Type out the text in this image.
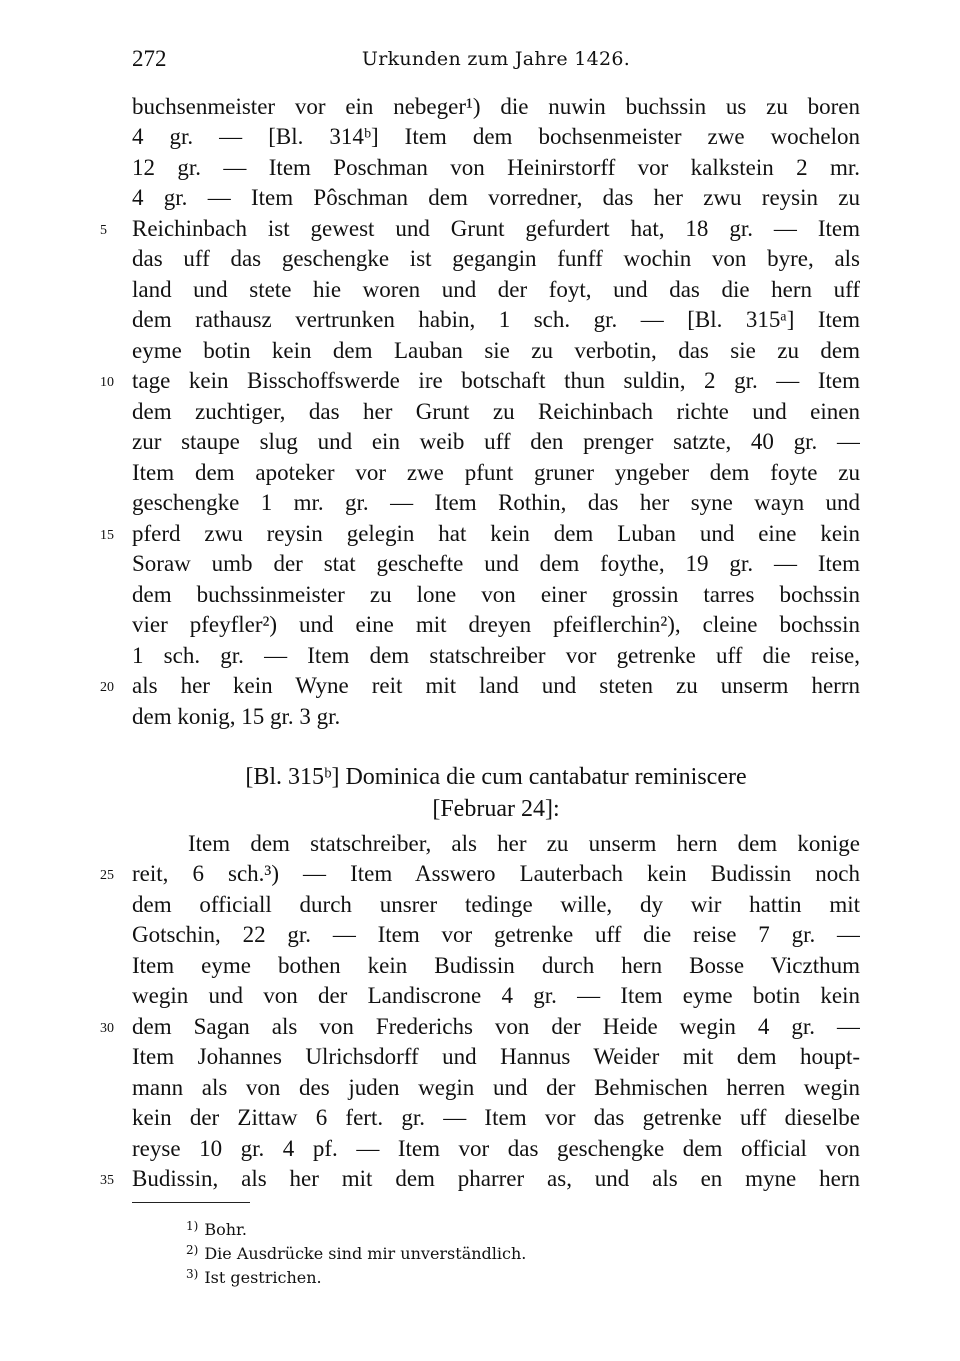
272	Urkunden zum Jahre 1426.
buchsenmeister vor ein nebeger¹) die nuwin buchssin us zu boren
4 gr. — [Bl. 314ᵇ] Item dem bochsenmeister zwe wochelon
12 gr. — Item Poschman von Heinirstorff vor kalkstein 2 mr.
4 gr. — Item Pôschman dem vorredner, das her zwu reysin zu
Reichinbach ist gewest und Grunt gefurdert hat, 18 gr. — Item
das uff das geschengke ist gegangin funff wochin von byre, als
land und stete hie woren und der foyt, und das die hern uff
dem rathausz vertrunken habin, 1 sch. gr. — [Bl. 315ᵃ] Item
eyme botin kein dem Lauban sie zu verbotin, das sie zu dem
tage kein Bisschoffswerde ire botschaft thun suldin, 2 gr. — Item
dem zuchtiger, das her Grunt zu Reichinbach richte und einen
zur staupe slug und ein weib uff den prenger satzte, 40 gr. —
Item dem apoteker vor zwe pfunt gruner yngeber dem foyte zu
geschengke 1 mr. gr. — Item Rothin, das her syne wayn und
pferd zwu reysin gelegin hat kein dem Luban und eine kein
Soraw umb der stat geschefte und dem foythe, 19 gr. — Item
dem buchssinmeister zu lone von einer grossin tarres bochssin
vier pfeyfler²) und eine mit dreyen pfeiflerchin²), cleine bochssin
1 sch. gr. — Item dem statschreiber vor getrenke uff die reise,
als her kein Wyne reit mit land und steten zu unserm herrn
dem konig, 15 gr. 3 gr.
[Bl. 315ᵇ] Dominica die cum cantabatur reminiscere
[Februar 24]:
Item dem statschreiber, als her zu unserm hern dem konige
reit, 6 sch.³) — Item Asswero Lauterbach kein Budissin noch
dem officiall durch unsrer tedinge wille, dy wir hattin mit
Gotschin, 22 gr. — Item vor getrenke uff die reise 7 gr. —
Item eyme bothen kein Budissin durch hern Bosse Viczthum
wegin und von der Landiscrone 4 gr. — Item eyme botin kein
dem Sagan als von Frederichs von der Heide wegin 4 gr. —
Item Johannes Ulrichsdorff und Hannus Weider mit dem houpt-
mann als von des juden wegin und der Behmischen herren wegin
kein der Zittaw 6 fert. gr. — Item vor das getrenke uff dieselbe
reyse 10 gr. 4 pf. — Item vor das geschengke dem official von
Budissin, als her mit dem pharrer as, und als en myne hern
5
10
15
20
25
30
35
$^{1)}$ Bohr.
$^{2)}$ Die Ausdrücke sind mir unverständlich.
$^{3)}$ Ist gestrichen.
